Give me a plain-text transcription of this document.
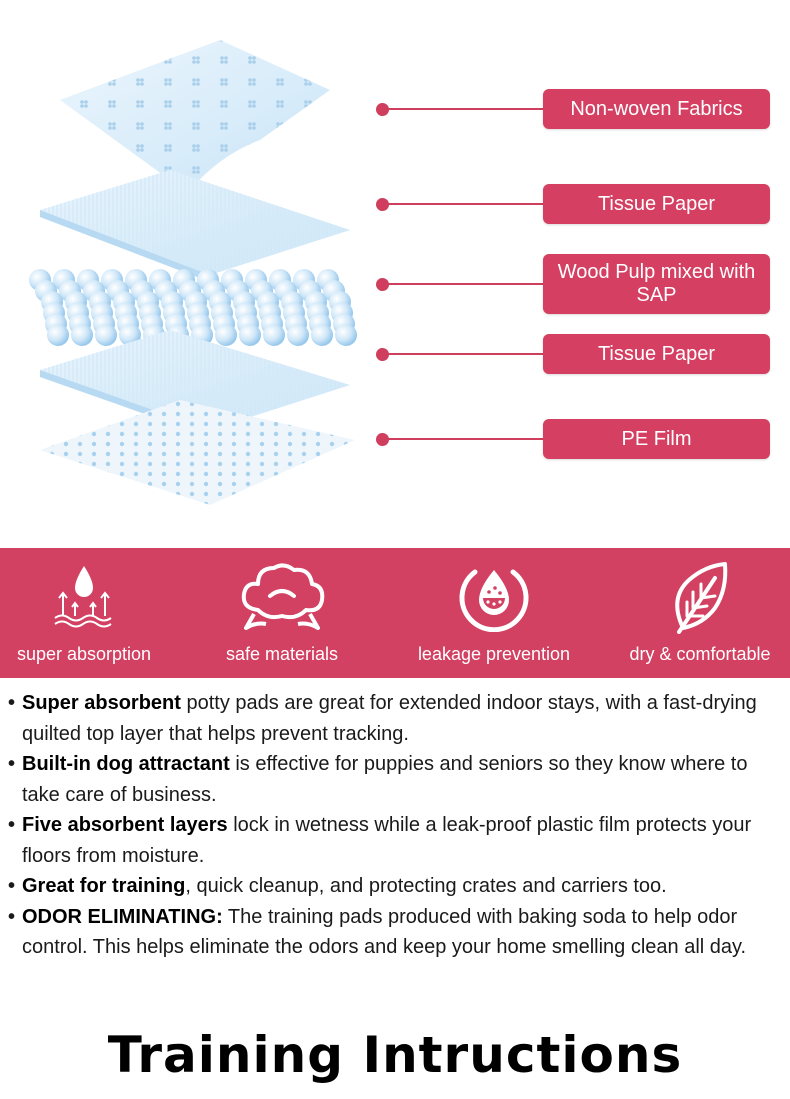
Non-woven Fabrics
Tissue Paper
Wood Pulp mixed with SAP
Tissue Paper
PE Film
super absorption	safe materials	leakage prevention	dry & comfortable
• Super absorbent potty pads are great for extended indoor stays, with a fast-drying quilted top layer that helps prevent tracking.
• Built-in dog attractant is effective for puppies and seniors so they know where to take care of business.
• Five absorbent layers lock in wetness while a leak-proof plastic film protects your floors from moisture.
• Great for training, quick cleanup, and protecting crates and carriers too.
• ODOR ELIMINATING: The training pads produced with baking soda to help odor control. This helps eliminate the odors and keep your home smelling clean all day.
Training Intructions
